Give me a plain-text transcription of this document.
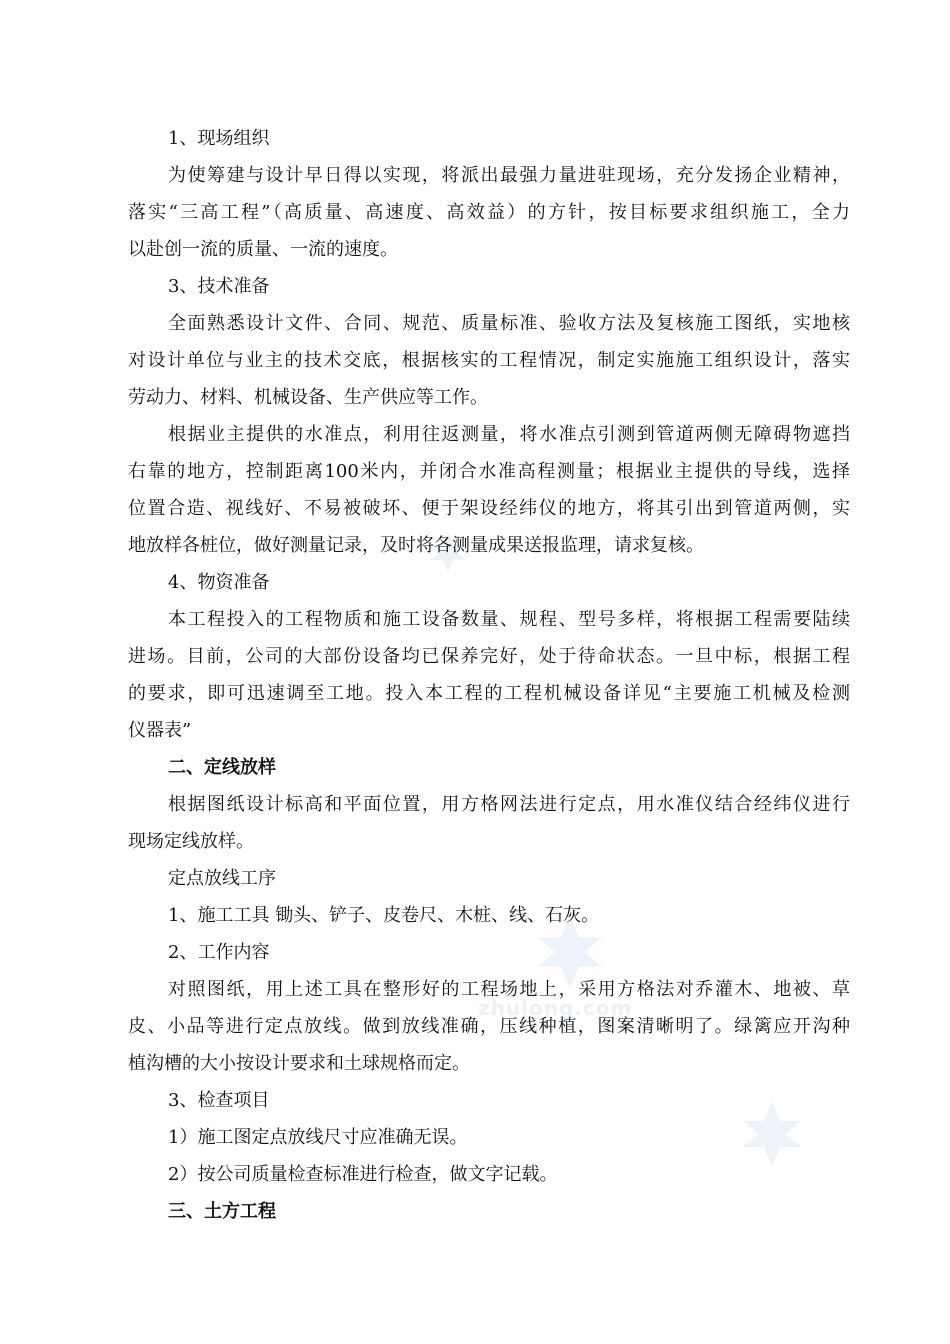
zhulong.com
1、现场组织
为使筹建与设计早日得以实现，将派出最强力量进驻现场，充分发扬企业精神，
落实“三高工程”（高质量、高速度、高效益）的方针，按目标要求组织施工，全力
以赴创一流的质量、一流的速度。
3、技术准备
全面熟悉设计文件、合同、规范、质量标准、验收方法及复核施工图纸，实地核
对设计单位与业主的技术交底，根据核实的工程情况，制定实施施工组织设计，落实
劳动力、材料、机械设备、生产供应等工作。
根据业主提供的水准点，利用往返测量，将水准点引测到管道两侧无障碍物遮挡
右靠的地方，控制距离100米内，并闭合水准高程测量；根据业主提供的导线，选择
位置合造、视线好、不易被破坏、便于架设经纬仪的地方，将其引出到管道两侧，实
地放样各桩位，做好测量记录，及时将各测量成果送报监理，请求复核。
4、物资准备
本工程投入的工程物质和施工设备数量、规程、型号多样，将根据工程需要陆续
进场。目前，公司的大部份设备均已保养完好，处于待命状态。一旦中标，根据工程
的要求，即可迅速调至工地。投入本工程的工程机械设备详见“主要施工机械及检测
仪器表”
二、定线放样
根据图纸设计标高和平面位置，用方格网法进行定点，用水准仪结合经纬仪进行
现场定线放样。
定点放线工序
1、施工工具 锄头、铲子、皮卷尺、木桩、线、石灰。
2、工作内容
对照图纸，用上述工具在整形好的工程场地上，采用方格法对乔灌木、地被、草
皮、小品等进行定点放线。做到放线准确，压线种植，图案清晰明了。绿篱应开沟种
植沟槽的大小按设计要求和土球规格而定。
3、检查项目
1）施工图定点放线尺寸应准确无误。
2）按公司质量检查标准进行检查，做文字记载。
三、土方工程
